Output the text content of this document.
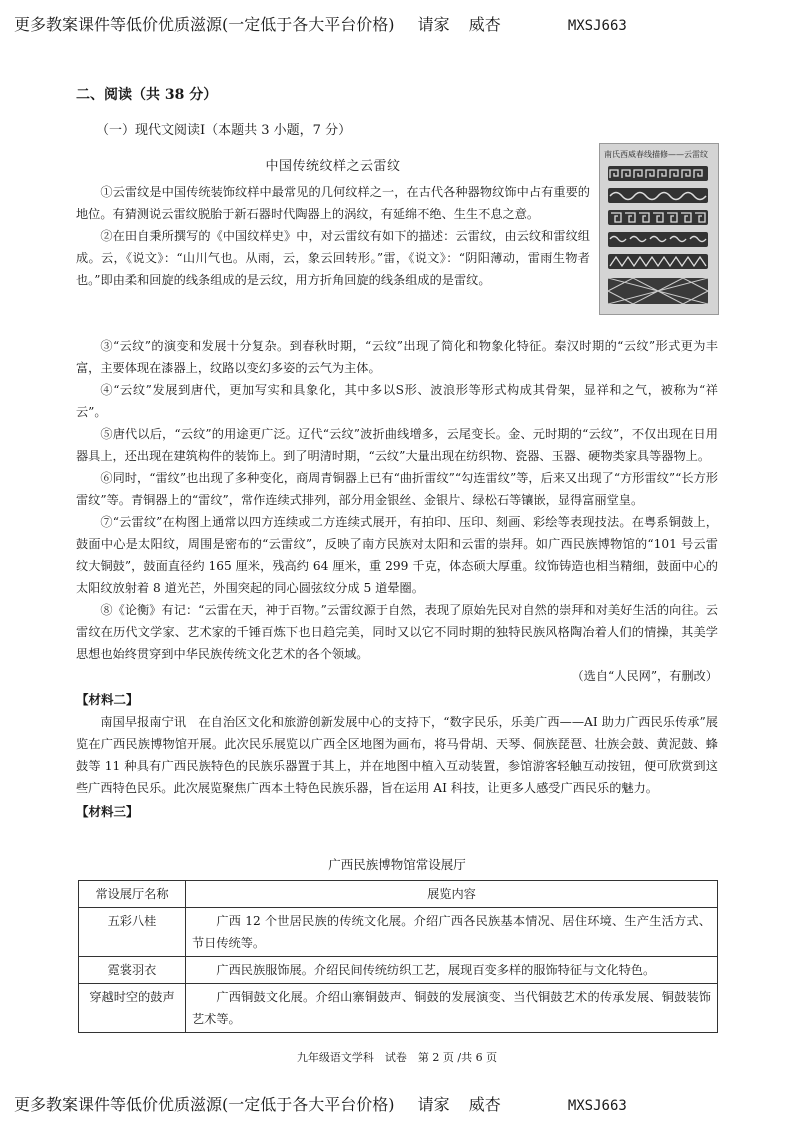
更多教案课件等低价优质滋源(一定低于各大平台价格) 请家 威杏	MXSJ663
二、阅读（共 38 分）
（一）现代文阅读Ⅰ（本题共 3 小题，7 分）
中国传统纹样之云雷纹

①云雷纹是中国传统装饰纹样中最常见的几何纹样之一，在古代各种器物纹饰中占有重要的地位。有猜测说云雷纹脱胎于新石器时代陶器上的涡纹，有延绵不绝、生生不息之意。

②在田自秉所撰写的《中国纹样史》中，对云雷纹有如下的描述：云雷纹，由云纹和雷纹组成。云，《说文》：“山川气也。从雨，云，象云回转形。”雷，《说文》：“阴阳薄动，雷雨生物者也。”即由柔和回旋的线条组成的是云纹，用方折角回旋的线条组成的是雷纹。

南氏西威春线描修——云雷纹

③“云纹”的演变和发展十分复杂。到春秋时期，“云纹”出现了简化和物象化特征。秦汉时期的“云纹”形式更为丰富，主要体现在漆器上，纹路以变幻多姿的云气为主体。

④“云纹”发展到唐代，更加写实和具象化，其中多以S形、波浪形等形式构成其骨架，显祥和之气，被称为“祥云”。

⑤唐代以后，“云纹”的用途更广泛。辽代“云纹”波折曲线增多，云尾变长。金、元时期的“云纹”，不仅出现在日用器具上，还出现在建筑构件的装饰上。到了明清时期，“云纹”大量出现在纺织物、瓷器、玉器、硬物类家具等器物上。

⑥同时，“雷纹”也出现了多种变化，商周青铜器上已有“曲折雷纹”“勾连雷纹”等，后来又出现了“方形雷纹”“长方形雷纹”等。青铜器上的“雷纹”，常作连续式排列，部分用金银丝、金银片、绿松石等镶嵌，显得富丽堂皇。

⑦“云雷纹”在构图上通常以四方连续或二方连续式展开，有拍印、压印、刻画、彩绘等表现技法。在粤系铜鼓上，鼓面中心是太阳纹，周围是密布的“云雷纹”，反映了南方民族对太阳和云雷的崇拜。如广西民族博物馆的“101 号云雷纹大铜鼓”，鼓面直径约 165 厘米，残高约 64 厘米，重 299 千克，体态硕大厚重。纹饰铸造也相当精细，鼓面中心的太阳纹放射着 8 道光芒，外围突起的同心圆弦纹分成 5 道晕圈。

⑧《论衡》有记：“云雷在天，神于百物。”云雷纹源于自然，表现了原始先民对自然的崇拜和对美好生活的向往。云雷纹在历代文学家、艺术家的千锤百炼下也日趋完美，同时又以它不同时期的独特民族风格陶冶着人们的情操，其美学思想也始终贯穿到中华民族传统文化艺术的各个领域。

（选自“人民网”，有删改）

【材料二】

南国早报南宁讯　在自治区文化和旅游创新发展中心的支持下，“数字民乐，乐美广西——AI 助力广西民乐传承”展览在广西民族博物馆开展。此次民乐展览以广西全区地图为画布，将马骨胡、天琴、侗族琵琶、壮族会鼓、黄泥鼓、蜂鼓等 11 种具有广西民族特色的民族乐器置于其上，并在地图中植入互动装置，参馆游客轻触互动按钮，便可欣赏到这些广西特色民乐。此次展览聚焦广西本土特色民族乐器，旨在运用 AI 科技，让更多人感受广西民乐的魅力。

【材料三】

广西民族博物馆常设展厅
常设展厅名称	展览内容
五彩八桂	广西 12 个世居民族的传统文化展。介绍广西各民族基本情况、居住环境、生产生活方式、节日传统等。
霓裳羽衣	广西民族服饰展。介绍民间传统纺织工艺，展现百变多样的服饰特征与文化特色。
穿越时空的鼓声	广西铜鼓文化展。介绍山寨铜鼓声、铜鼓的发展演变、当代铜鼓艺术的传承发展、铜鼓装饰艺术等。
九年级语文学科　试卷　第 2 页 /共 6 页
更多教案课件等低价优质滋源(一定低于各大平台价格) 请家 威杏	MXSJ663
